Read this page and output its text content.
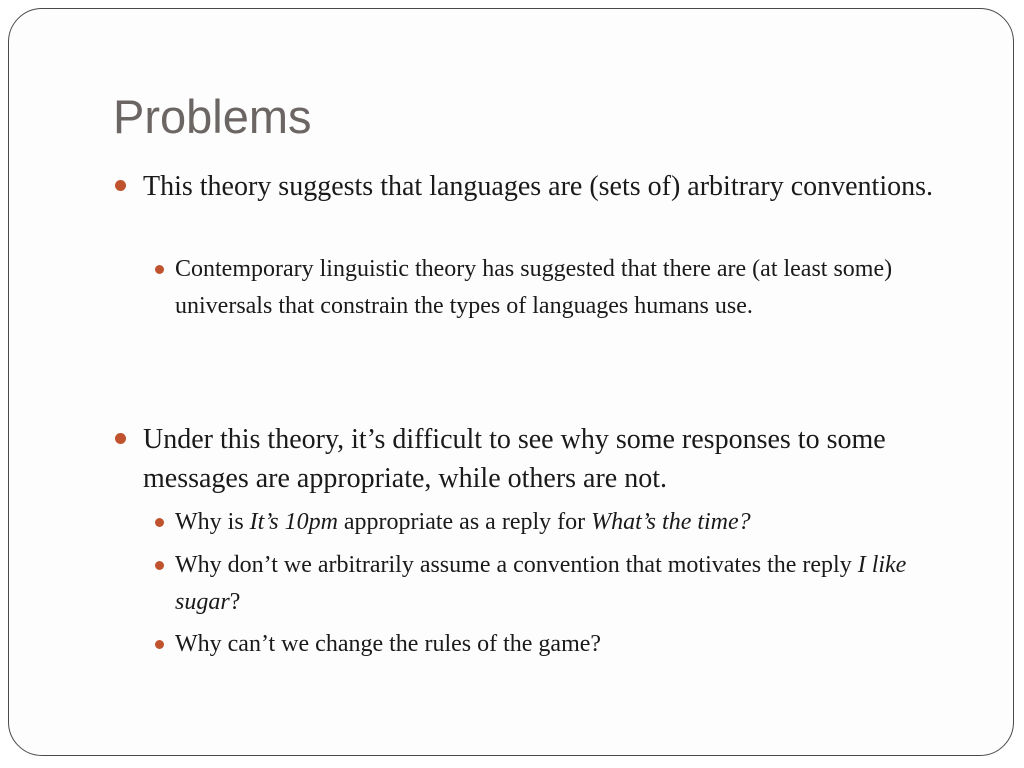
Problems
This theory suggests that languages are (sets of) arbitrary conventions.
Contemporary linguistic theory has suggested that there are (at least some) universals that constrain the types of languages humans use.
Under this theory, it’s difficult to see why some responses to some messages are appropriate, while others are not.
Why is It’s 10pm appropriate as a reply for What’s the time?
Why don’t we arbitrarily assume a convention that motivates the reply I like sugar?
Why can’t we change the rules of the game?
